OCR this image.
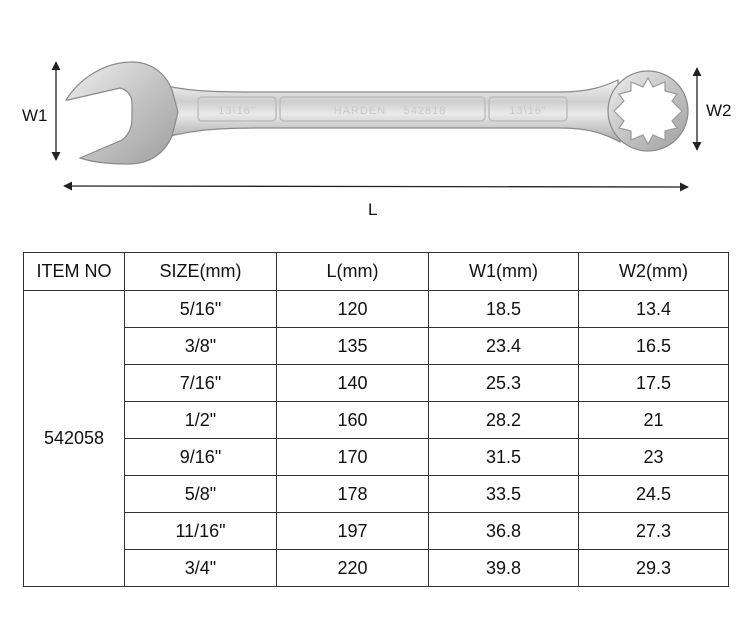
13\16"	HARDEN 542818	13\16"
W1	W2
L
ITEM NO	SIZE(mm)	L(mm)	W1(mm)	W2(mm)
542058	5/16"	120	18.5	13.4
	3/8"	135	23.4	16.5
	7/16"	140	25.3	17.5
	1/2"	160	28.2	21
	9/16"	170	31.5	23
	5/8"	178	33.5	24.5
	11/16"	197	36.8	27.3
	3/4"	220	39.8	29.3
